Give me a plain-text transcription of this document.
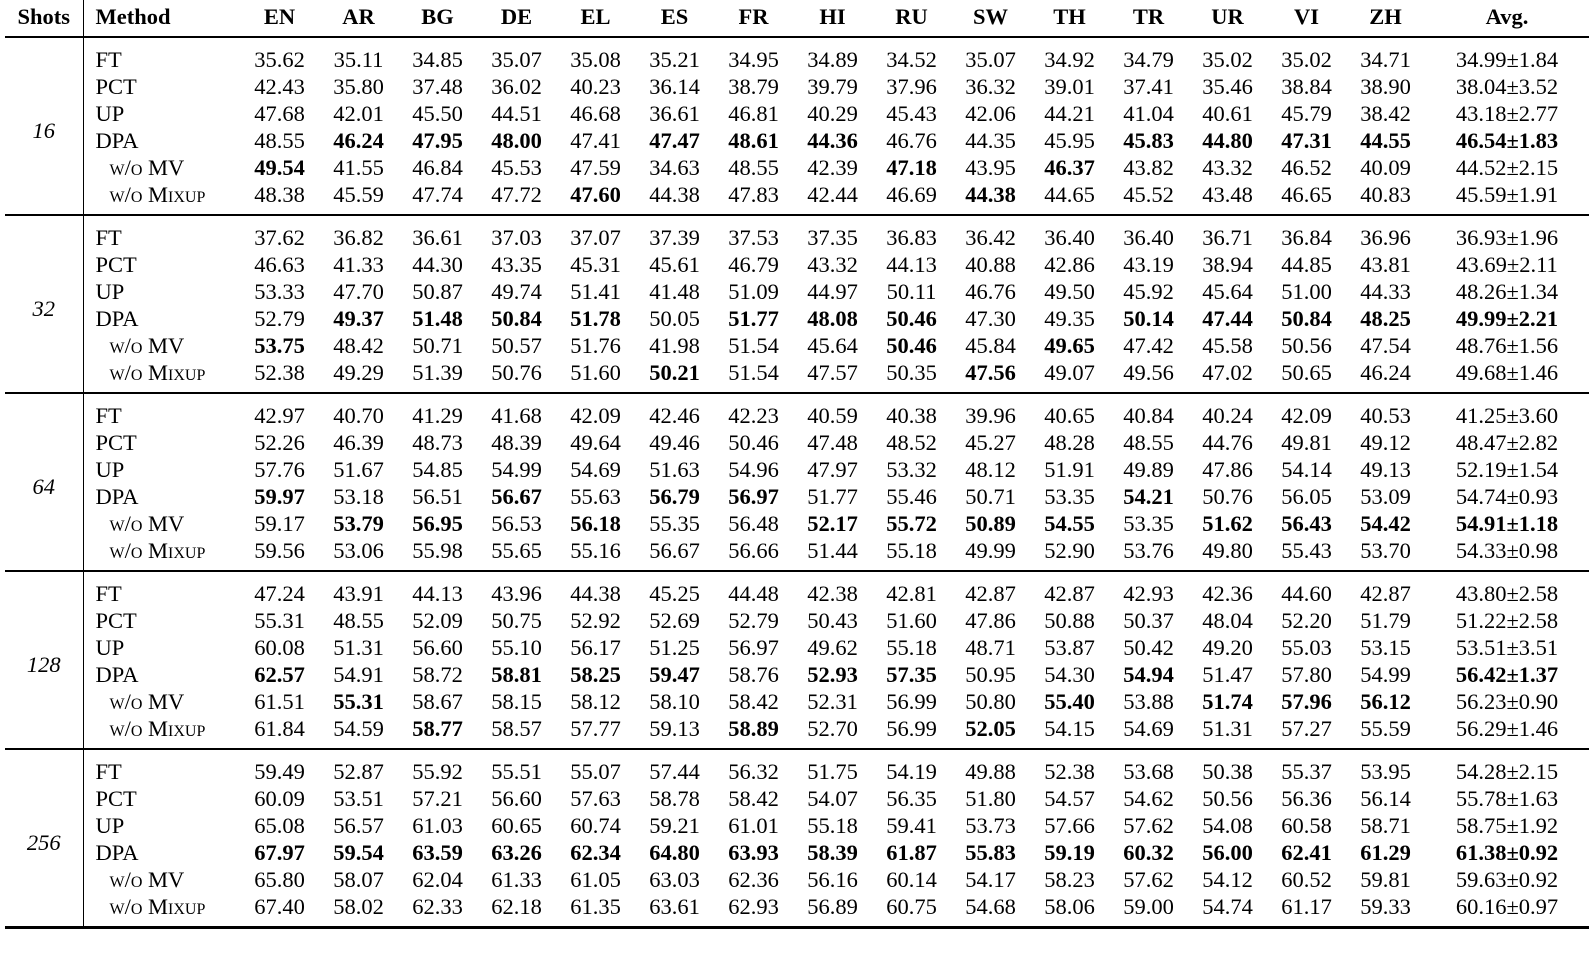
Shots	Method	EN	AR	BG	DE	EL	ES	FR	HI	RU	SW	TH	TR	UR	VI	ZH	Avg.
16	FT	35.62	35.11	34.85	35.07	35.08	35.21	34.95	34.89	34.52	35.07	34.92	34.79	35.02	35.02	34.71	34.99±1.84
	PCT	42.43	35.80	37.48	36.02	40.23	36.14	38.79	39.79	37.96	36.32	39.01	37.41	35.46	38.84	38.90	38.04±3.52
	UP	47.68	42.01	45.50	44.51	46.68	36.61	46.81	40.29	45.43	42.06	44.21	41.04	40.61	45.79	38.42	43.18±2.77
	DPA	48.55	46.24	47.95	48.00	47.41	47.47	48.61	44.36	46.76	44.35	45.95	45.83	44.80	47.31	44.55	46.54±1.83
	w/o MV	49.54	41.55	46.84	45.53	47.59	34.63	48.55	42.39	47.18	43.95	46.37	43.82	43.32	46.52	40.09	44.52±2.15
	w/o Mixup	48.38	45.59	47.74	47.72	47.60	44.38	47.83	42.44	46.69	44.38	44.65	45.52	43.48	46.65	40.83	45.59±1.91
32	FT	37.62	36.82	36.61	37.03	37.07	37.39	37.53	37.35	36.83	36.42	36.40	36.40	36.71	36.84	36.96	36.93±1.96
	PCT	46.63	41.33	44.30	43.35	45.31	45.61	46.79	43.32	44.13	40.88	42.86	43.19	38.94	44.85	43.81	43.69±2.11
	UP	53.33	47.70	50.87	49.74	51.41	41.48	51.09	44.97	50.11	46.76	49.50	45.92	45.64	51.00	44.33	48.26±1.34
	DPA	52.79	49.37	51.48	50.84	51.78	50.05	51.77	48.08	50.46	47.30	49.35	50.14	47.44	50.84	48.25	49.99±2.21
	w/o MV	53.75	48.42	50.71	50.57	51.76	41.98	51.54	45.64	50.46	45.84	49.65	47.42	45.58	50.56	47.54	48.76±1.56
	w/o Mixup	52.38	49.29	51.39	50.76	51.60	50.21	51.54	47.57	50.35	47.56	49.07	49.56	47.02	50.65	46.24	49.68±1.46
64	FT	42.97	40.70	41.29	41.68	42.09	42.46	42.23	40.59	40.38	39.96	40.65	40.84	40.24	42.09	40.53	41.25±3.60
	PCT	52.26	46.39	48.73	48.39	49.64	49.46	50.46	47.48	48.52	45.27	48.28	48.55	44.76	49.81	49.12	48.47±2.82
	UP	57.76	51.67	54.85	54.99	54.69	51.63	54.96	47.97	53.32	48.12	51.91	49.89	47.86	54.14	49.13	52.19±1.54
	DPA	59.97	53.18	56.51	56.67	55.63	56.79	56.97	51.77	55.46	50.71	53.35	54.21	50.76	56.05	53.09	54.74±0.93
	w/o MV	59.17	53.79	56.95	56.53	56.18	55.35	56.48	52.17	55.72	50.89	54.55	53.35	51.62	56.43	54.42	54.91±1.18
	w/o Mixup	59.56	53.06	55.98	55.65	55.16	56.67	56.66	51.44	55.18	49.99	52.90	53.76	49.80	55.43	53.70	54.33±0.98
128	FT	47.24	43.91	44.13	43.96	44.38	45.25	44.48	42.38	42.81	42.87	42.87	42.93	42.36	44.60	42.87	43.80±2.58
	PCT	55.31	48.55	52.09	50.75	52.92	52.69	52.79	50.43	51.60	47.86	50.88	50.37	48.04	52.20	51.79	51.22±2.58
	UP	60.08	51.31	56.60	55.10	56.17	51.25	56.97	49.62	55.18	48.71	53.87	50.42	49.20	55.03	53.15	53.51±3.51
	DPA	62.57	54.91	58.72	58.81	58.25	59.47	58.76	52.93	57.35	50.95	54.30	54.94	51.47	57.80	54.99	56.42±1.37
	w/o MV	61.51	55.31	58.67	58.15	58.12	58.10	58.42	52.31	56.99	50.80	55.40	53.88	51.74	57.96	56.12	56.23±0.90
	w/o Mixup	61.84	54.59	58.77	58.57	57.77	59.13	58.89	52.70	56.99	52.05	54.15	54.69	51.31	57.27	55.59	56.29±1.46
256	FT	59.49	52.87	55.92	55.51	55.07	57.44	56.32	51.75	54.19	49.88	52.38	53.68	50.38	55.37	53.95	54.28±2.15
	PCT	60.09	53.51	57.21	56.60	57.63	58.78	58.42	54.07	56.35	51.80	54.57	54.62	50.56	56.36	56.14	55.78±1.63
	UP	65.08	56.57	61.03	60.65	60.74	59.21	61.01	55.18	59.41	53.73	57.66	57.62	54.08	60.58	58.71	58.75±1.92
	DPA	67.97	59.54	63.59	63.26	62.34	64.80	63.93	58.39	61.87	55.83	59.19	60.32	56.00	62.41	61.29	61.38±0.92
	w/o MV	65.80	58.07	62.04	61.33	61.05	63.03	62.36	56.16	60.14	54.17	58.23	57.62	54.12	60.52	59.81	59.63±0.92
	w/o Mixup	67.40	58.02	62.33	62.18	61.35	63.61	62.93	56.89	60.75	54.68	58.06	59.00	54.74	61.17	59.33	60.16±0.97
